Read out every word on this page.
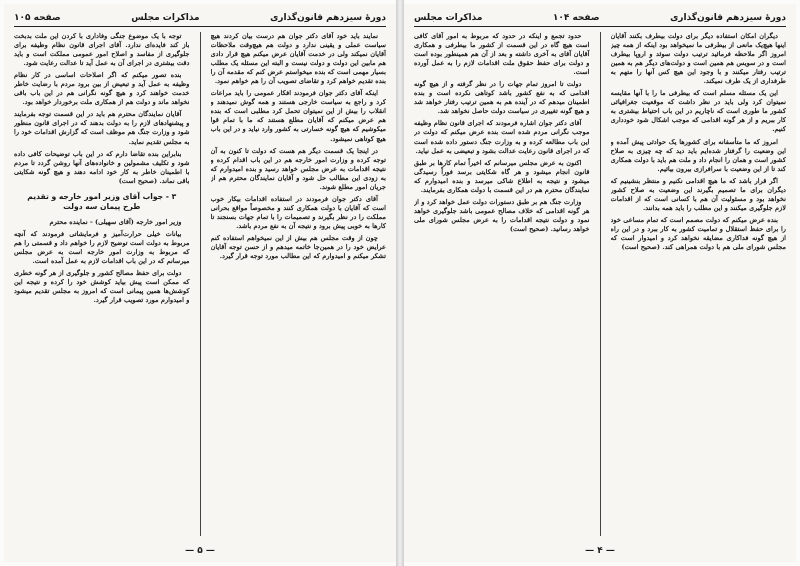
دورهٔ سیزدهم قانون‌گذاری
مذاکرات مجلس
صفحه ۱۰۵

نمایند باید خود آقای دکتر جوان هم درست بیان کردند هیچ سیاست عملی و یقینی ندارد و دولت هم هیچ‌وقت ملاحظات آقایان نمیکند ولی در خدمت آقایان عرض میکنم هیچ قرار دادی هم مابین این دولت و دولت نیست و البته این مسئله یک مطلب بسیار مهمی است که بنده میخواستم عرض کنم که مقدمه آن را بنده تقدیم خواهم کرد و تقاضای تصویب آن را هم خواهم نمود.

اینکه آقای دکتر جوان فرمودند افکار عمومی را باید مراعات کرد و راجع به سیاست خارجی هستند و همه گوش نمیدهند و انقلاب را بیش از این نمیتوان تحمل کرد مطلبی است که بنده هم عرض میکنم که آقایان مطلع هستند که ما با تمام قوا میکوشیم که هیچ گونه خسارتی به کشور وارد نیاید و در این باب هیچ کوتاهی نمیشود.

در اینجا یک قسمت دیگر هم هست که دولت تا کنون به آن توجه کرده و وزارت امور خارجه هم در این باب اقدام کرده و نتیجه اقدامات به عرض مجلس خواهد رسید و بنده امیدوارم که به زودی این مطالب حل شود و آقایان نمایندگان محترم هم از جریان امور مطلع شوند.

آقای دکتر جوان فرمودند در استفاده اقدامات بیکار خوب است که آقایان با دولت همکاری کنند و مخصوصاً مواقع بحرانی مملکت را در نظر بگیرند و تصمیمات را با تمام جهات بسنجند تا کارها به خوبی پیش برود و نتیجه آن به نفع مردم باشد.

چون از وقت مجلس هم بیش از این نمیخواهم استفاده کنم عرایض خود را در همین‌جا خاتمه میدهم و از حسن توجه آقایان تشکر میکنم و امیدوارم که این مطالب مورد توجه قرار گیرد.

توجه با یک موضوع جنگی وفاداری با کردن این ملت بدبخت باز کند فایده‌ای ندارد. آقای اجرای قانون نظام وظیفه برای جلوگیری از مفاسد و اصلاح امور عمومی مملکت است و باید دقت بیشتری در اجرای آن به عمل آید تا عدالت رعایت شود.

بنده تصور میکنم که اگر اصلاحات اساسی در کار نظام وظیفه به عمل آید و تبعیض از بین برود مردم با رضایت خاطر خدمت خواهند کرد و هیچ گونه نگرانی هم در این باب باقی نخواهد ماند و دولت هم از همکاری ملت برخوردار خواهد بود.

آقایان نمایندگان محترم هم باید در این قسمت توجه بفرمایند و پیشنهادهای لازم را به دولت بدهند که در اجرای قانون منظور شود و وزارت جنگ هم موظف است که گزارش اقدامات خود را به مجلس تقدیم نماید.

بنابراین بنده تقاضا دارم که در این باب توضیحات کافی داده شود و تکلیف مشمولین و خانواده‌های آنها روشن گردد تا مردم با اطمینان خاطر به کار خود ادامه دهند و هیچ گونه شکایتی باقی نماند. (صحیح است)

۳ - جواب آقای وزیر امور خارجه و تقدیم طرح پیمان سه دولت

وزیر امور خارجه (آقای سهیلی) - نماینده محترم

بیانات خیلی حرارت‌آمیز و فرمایشاتی فرمودند که آنچه مربوط به دولت است توضیح لازم را خواهم داد و قسمتی را هم که مربوط به وزارت امور خارجه است به عرض مجلس میرسانم که در این باب اقدامات لازم به عمل آمده است.

دولت برای حفظ مصالح کشور و جلوگیری از هر گونه خطری که ممکن است پیش بیاید کوشش خود را کرده و نتیجه این کوشش‌ها همین پیمانی است که امروز به مجلس تقدیم میشود و امیدوارم مورد تصویب قرار گیرد.

— ۵ —
دورهٔ سیزدهم قانون‌گذاری
صفحه ۱۰۴
مذاکرات مجلس

دیگران امکان استفاده دیگر برای دولت بیطرف بکنند آقایان اینها هیچ‌یک مانعی از بیطرفی ما نمیخواهد بود اینکه از همه چیز امروز اگر ملاحظه فرمائید ترتیب دولت سوئد و اروپا بیطرف است و در سویس هم همین است و دولت‌های دیگر هم به همین ترتیب رفتار میکنند و با وجود این هیچ کس آنها را متهم به طرفداری از یک طرف نمیکند.

این یک مسئله مسلم است که بیطرفی ما را با آنها مقایسه نمیتوان کرد ولی باید در نظر داشت که موقعیت جغرافیائی کشور ما طوری است که ناچاریم در این باب احتیاط بیشتری به کار ببریم و از هر گونه اقدامی که موجب اشکال شود خودداری کنیم.

امروز که ما متأسفانه برای کشورها یک حوادثی پیش آمده و این وضعیت را گرفتار شده‌ایم باید دید که چه چیزی به صلاح کشور است و همان را انجام داد و ملت هم باید با دولت همکاری کند تا از این وضعیت با سرافرازی بیرون بیائیم.

اگر قرار باشد که ما هیچ اقدامی نکنیم و منتظر بنشینیم که دیگران برای ما تصمیم بگیرند این وضعیت به صلاح کشور نخواهد بود و مسئولیت آن هم با کسانی است که از اقدامات لازم جلوگیری میکنند و این مطلب را باید همه بدانند.

بنده عرض میکنم که دولت مصمم است که تمام مساعی خود را برای حفظ استقلال و تمامیت کشور به کار ببرد و در این راه از هیچ گونه فداکاری مضایقه نخواهد کرد و امیدوار است که مجلس شورای ملی هم با دولت همراهی کند. (صحیح است)

حدود تجمع و اینکه در حدود که مربوط به امور آقای کافی است هیچ گاه در این قسمت از کشور ما بیطرفی و همکاری آقایان آقای به آخری داشته و بعد از آن هم همینطور بوده است و دولت برای حفظ حقوق ملت اقدامات لازم را به عمل آورده است.

دولت تا امروز تمام جهات را در نظر گرفته و از هیچ گونه اقدامی که به نفع کشور باشد کوتاهی نکرده است و بنده اطمینان میدهم که در آینده هم به همین ترتیب رفتار خواهد شد و هیچ گونه تغییری در سیاست دولت حاصل نخواهد شد.

آقای دکتر جوان اشاره فرمودند که اجرای قانون نظام وظیفه موجب نگرانی مردم شده است بنده عرض میکنم که دولت در این باب مطالعه کرده و به وزارت جنگ دستور داده شده است که در اجرای قانون رعایت عدالت بشود و تبعیضی به عمل نیاید.

اکنون به عرض مجلس میرسانم که اخیراً تمام کارها بر طبق قانون انجام میشود و هر گاه شکایتی برسد فوراً رسیدگی میشود و نتیجه به اطلاع شاکی میرسد و بنده امیدوارم که نمایندگان محترم هم در این قسمت با دولت همکاری بفرمایند.

وزارت جنگ هم بر طبق دستورات دولت عمل خواهد کرد و از هر گونه اقدامی که خلاف مصالح عمومی باشد جلوگیری خواهد نمود و دولت نتیجه اقدامات را به عرض مجلس شورای ملی خواهد رسانید. (صحیح است)

— ۴ —
